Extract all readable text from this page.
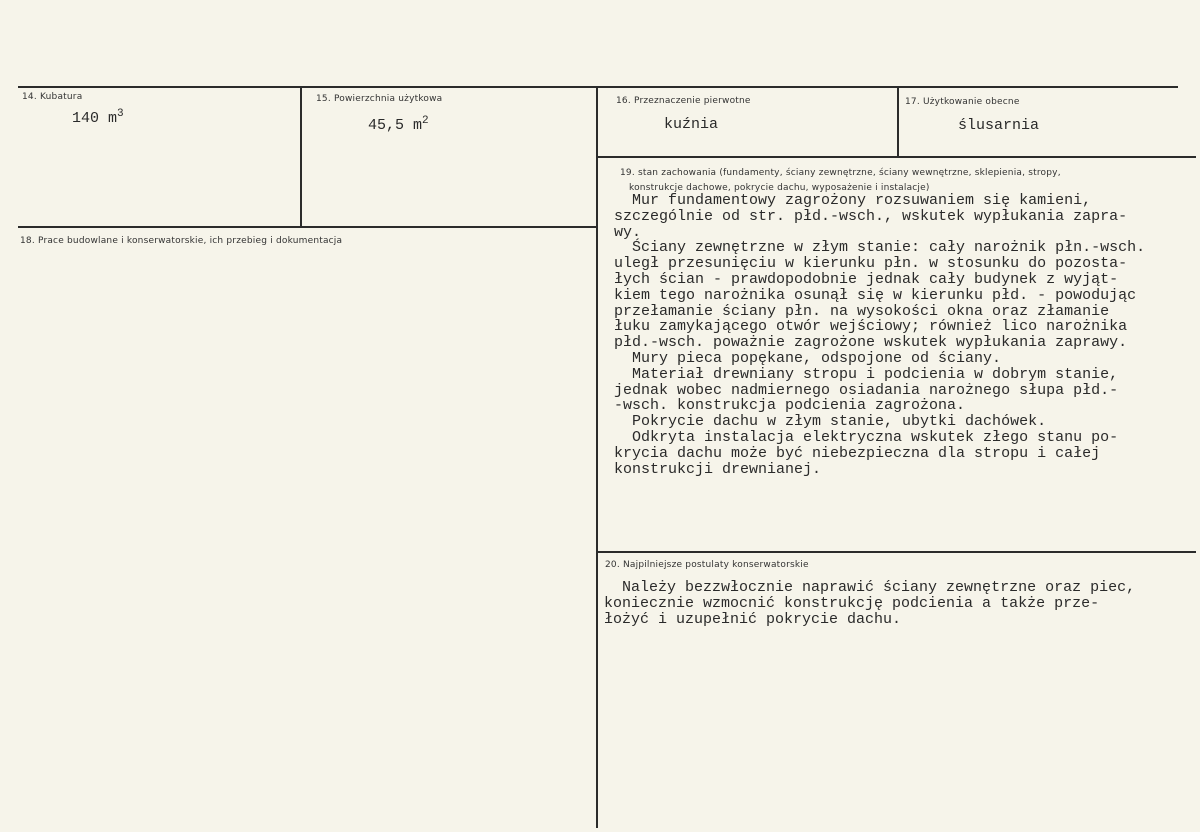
14. Kubatura
140 $m^3$
15. Powierzchnia użytkowa
45,5 $m^2$
16. Przeznaczenie pierwotne
kuźnia
17. Użytkowanie obecne
ślusarnia
18. Prace budowlane i konserwatorskie, ich przebieg i dokumentacja
19. stan zachowania (fundamenty, ściany zewnętrzne, ściany wewnętrzne, sklepienia, stropy,
konstrukcje dachowe, pokrycie dachu, wyposażenie i instalacje)
Mur fundamentowy zagrożony rozsuwaniem się kamieni,
szczególnie od str. płd.-wsch., wskutek wypłukania zapra-
wy.
Ściany zewnętrzne w złym stanie: cały narożnik płn.-wsch.
uległ przesunięciu w kierunku płn. w stosunku do pozosta-
łych ścian - prawdopodobnie jednak cały budynek z wyjąt-
kiem tego narożnika osunął się w kierunku płd. - powodując
przełamanie ściany płn. na wysokości okna oraz złamanie
łuku zamykającego otwór wejściowy; również lico narożnika
płd.-wsch. poważnie zagrożone wskutek wypłukania zaprawy.
Mury pieca popękane, odspojone od ściany.
Materiał drewniany stropu i podcienia w dobrym stanie,
jednak wobec nadmiernego osiadania narożnego słupa płd.-
-wsch. konstrukcja podcienia zagrożona.
Pokrycie dachu w złym stanie, ubytki dachówek.
Odkryta instalacja elektryczna wskutek złego stanu po-
krycia dachu może być niebezpieczna dla stropu i całej
konstrukcji drewnianej.
20. Najpilniejsze postulaty konserwatorskie
Należy bezzwłocznie naprawić ściany zewnętrzne oraz piec,
koniecznie wzmocnić konstrukcję podcienia a także prze-
łożyć i uzupełnić pokrycie dachu.
